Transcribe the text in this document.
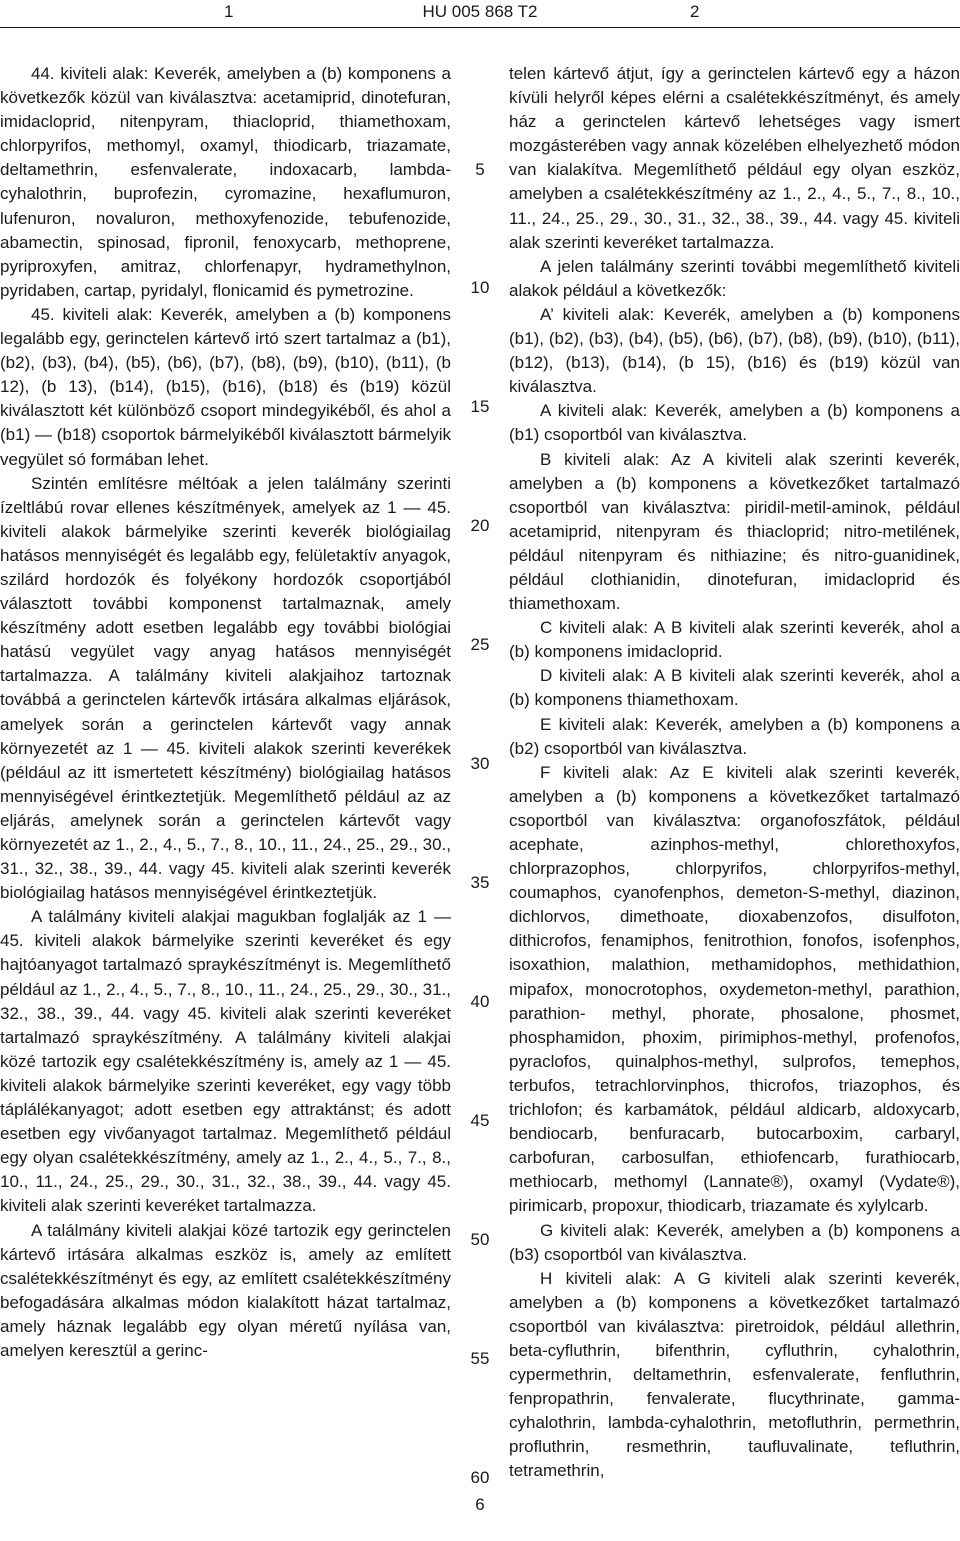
1	HU 005 868 T2	2

44. kiviteli alak: Keverék, amelyben a (b) komponens a következők közül van kiválasztva: acetamiprid, dinotefuran, imidacloprid, nitenpyram, thiacloprid, thiamethoxam, chlorpyrifos, methomyl, oxamyl, thiodicarb, triazamate, deltamethrin, esfenvalerate, indoxacarb, lambda-cyhalothrin, buprofezin, cyromazine, hexaflumuron, lufenuron, novaluron, methoxyfenozide, tebufenozide, abamectin, spinosad, fipronil, fenoxycarb, methoprene, pyriproxyfen, amitraz, chlorfenapyr, hydramethylnon, pyridaben, cartap, pyridalyl, flonicamid és pymetrozine.

45. kiviteli alak: Keverék, amelyben a (b) komponens legalább egy, gerinctelen kártevő irtó szert tartalmaz a (b1), (b2), (b3), (b4), (b5), (b6), (b7), (b8), (b9), (b10), (b11), (b 12), (b 13), (b14), (b15), (b16), (b18) és (b19) közül kiválasztott két különböző csoport mindegyikéből, és ahol a (b1) — (b18) csoportok bármelyikéből kiválasztott bármelyik vegyület só formában lehet.

Szintén említésre méltóak a jelen találmány szerinti ízeltlábú rovar ellenes készítmények, amelyek az 1 — 45. kiviteli alakok bármelyike szerinti keverék biológiailag hatásos mennyiségét és legalább egy, felületaktív anyagok, szilárd hordozók és folyékony hordozók csoportjából választott további komponenst tartalmaznak, amely készítmény adott esetben legalább egy további biológiai hatású vegyület vagy anyag hatásos mennyiségét tartalmazza. A találmány kiviteli alakjaihoz tartoznak továbbá a gerinctelen kártevők irtására alkalmas eljárások, amelyek során a gerinctelen kártevőt vagy annak környezetét az 1 — 45. kiviteli alakok szerinti keverékek (például az itt ismertetett készítmény) biológiailag hatásos mennyiségével érintkeztetjük. Megemlíthető például az az eljárás, amelynek során a gerinctelen kártevőt vagy környezetét az 1., 2., 4., 5., 7., 8., 10., 11., 24., 25., 29., 30., 31., 32., 38., 39., 44. vagy 45. kiviteli alak szerinti keverék biológiailag hatásos mennyiségével érintkeztetjük.

A találmány kiviteli alakjai magukban foglalják az 1 — 45. kiviteli alakok bármelyike szerinti keveréket és egy hajtóanyagot tartalmazó spraykészítményt is. Megemlíthető például az 1., 2., 4., 5., 7., 8., 10., 11., 24., 25., 29., 30., 31., 32., 38., 39., 44. vagy 45. kiviteli alak szerinti keveréket tartalmazó spraykészítmény. A találmány kiviteli alakjai közé tartozik egy csalétekkészítmény is, amely az 1 — 45. kiviteli alakok bármelyike szerinti keveréket, egy vagy több táplálékanyagot; adott esetben egy attraktánst; és adott esetben egy vivőanyagot tartalmaz. Megemlíthető például egy olyan csalétekkészítmény, amely az 1., 2., 4., 5., 7., 8., 10., 11., 24., 25., 29., 30., 31., 32., 38., 39., 44. vagy 45. kiviteli alak szerinti keveréket tartalmazza.

A találmány kiviteli alakjai közé tartozik egy gerinctelen kártevő irtására alkalmas eszköz is, amely az említett csalétekkészítményt és egy, az említett csalétekkészítmény befogadására alkalmas módon kialakított házat tartalmaz, amely háznak legalább egy olyan méretű nyílása van, amelyen keresztül a gerinc-

5
10
15
20
25
30
35
40
45
50
55
60

telen kártevő átjut, így a gerinctelen kártevő egy a házon kívüli helyről képes elérni a csalétekkészítményt, és amely ház a gerinctelen kártevő lehetséges vagy ismert mozgásterében vagy annak közelében elhelyezhető módon van kialakítva. Megemlíthető például egy olyan eszköz, amelyben a csalétekkészítmény az 1., 2., 4., 5., 7., 8., 10., 11., 24., 25., 29., 30., 31., 32., 38., 39., 44. vagy 45. kiviteli alak szerinti keveréket tartalmazza.

A jelen találmány szerinti további megemlíthető kiviteli alakok például a következők:

A’ kiviteli alak: Keverék, amelyben a (b) komponens (b1), (b2), (b3), (b4), (b5), (b6), (b7), (b8), (b9), (b10), (b11), (b12), (b13), (b14), (b 15), (b16) és (b19) közül van kiválasztva.

A kiviteli alak: Keverék, amelyben a (b) komponens a (b1) csoportból van kiválasztva.

B kiviteli alak: Az A kiviteli alak szerinti keverék, amelyben a (b) komponens a következőket tartalmazó csoportból van kiválasztva: piridil-metil-aminok, például acetamiprid, nitenpyram és thiacloprid; nitro-metilének, például nitenpyram és nithiazine; és nitro-guanidinek, például clothianidin, dinotefuran, imidacloprid és thiamethoxam.

C kiviteli alak: A B kiviteli alak szerinti keverék, ahol a (b) komponens imidacloprid.

D kiviteli alak: A B kiviteli alak szerinti keverék, ahol a (b) komponens thiamethoxam.

E kiviteli alak: Keverék, amelyben a (b) komponens a (b2) csoportból van kiválasztva.

F kiviteli alak: Az E kiviteli alak szerinti keverék, amelyben a (b) komponens a következőket tartalmazó csoportból van kiválasztva: organofoszfátok, például acephate, azinphos-methyl, chlorethoxyfos, chlorprazophos, chlorpyrifos, chlorpyrifos-methyl, coumaphos, cyanofenphos, demeton-S-methyl, diazinon, dichlorvos, dimethoate, dioxabenzofos, disulfoton, dithicrofos, fenamiphos, fenitrothion, fonofos, isofenphos, isoxathion, malathion, methamidophos, methidathion, mipafox, monocrotophos, oxydemeton-methyl, parathion, parathion- methyl, phorate, phosalone, phosmet, phosphamidon, phoxim, pirimiphos-methyl, profenofos, pyraclofos, quinalphos-methyl, sulprofos, temephos, terbufos, tetrachlorvinphos, thicrofos, triazophos, és trichlofon; és karbamátok, például aldicarb, aldoxycarb, bendiocarb, benfuracarb, butocarboxim, carbaryl, carbofuran, carbosulfan, ethiofencarb, furathiocarb, methiocarb, methomyl (Lannate®), oxamyl (Vydate®), pirimicarb, propoxur, thiodicarb, triazamate és xylylcarb.

G kiviteli alak: Keverék, amelyben a (b) komponens a (b3) csoportból van kiválasztva.

H kiviteli alak: A G kiviteli alak szerinti keverék, amelyben a (b) komponens a következőket tartalmazó csoportból van kiválasztva: piretroidok, például allethrin, beta-cyfluthrin, bifenthrin, cyfluthrin, cyhalothrin, cypermethrin, deltamethrin, esfenvalerate, fenfluthrin, fenpropathrin, fenvalerate, flucythrinate, gamma-cyhalothrin, lambda-cyhalothrin, metofluthrin, permethrin, profluthrin, resmethrin, taufluvalinate, tefluthrin, tetramethrin,

6
